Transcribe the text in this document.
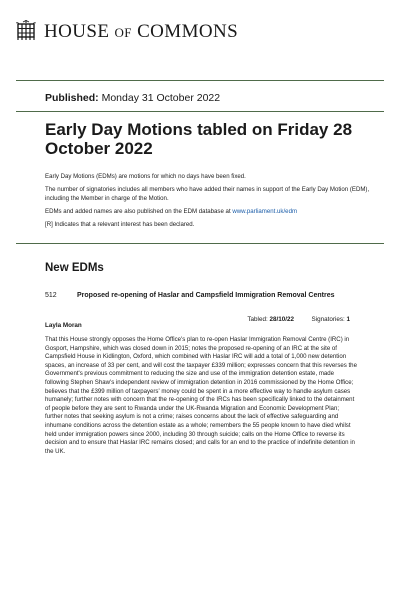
HOUSE OF COMMONS
Published: Monday 31 October 2022
Early Day Motions tabled on Friday 28 October 2022

Early Day Motions (EDMs) are motions for which no days have been fixed.

The number of signatories includes all members who have added their names in support of the Early Day Motion (EDM), including the Member in charge of the Motion.

EDMs and added names are also published on the EDM database at www.parliament.uk/edm

[R] Indicates that a relevant interest has been declared.

New EDMs
512	Proposed re-opening of Haslar and Campsfield Immigration Removal Centres
Tabled: 28/10/22	Signatories: 1
Layla Moran

That this House strongly opposes the Home Office's plan to re-open Haslar Immigration Removal Centre (IRC) in Gosport, Hampshire, which was closed down in 2015; notes the proposed re-opening of an IRC at the site of Campsfield House in Kidlington, Oxford, which combined with Haslar IRC will add a total of 1,000 new detention spaces, an increase of 33 per cent, and will cost the taxpayer £339 million; expresses concern that this reverses the Government's previous commitment to reducing the size and use of the immigration detention estate, made following Stephen Shaw's independent review of immigration detention in 2016 commissioned by the Home Office; believes that the £399 million of taxpayers' money could be spent in a more effective way to handle asylum cases humanely; further notes with concern that the re-opening of the IRCs has been specifically linked to the detainment of people before they are sent to Rwanda under the UK-Rwanda Migration and Economic Development Plan; further notes that seeking asylum is not a crime; raises concerns about the lack of effective safeguarding and inhumane conditions across the detention estate as a whole; remembers the 55 people known to have died whilst held under immigration powers since 2000, including 30 through suicide; calls on the Home Office to reverse its decision and to ensure that Haslar IRC remains closed; and calls for an end to the practice of indefinite detention in the UK.
